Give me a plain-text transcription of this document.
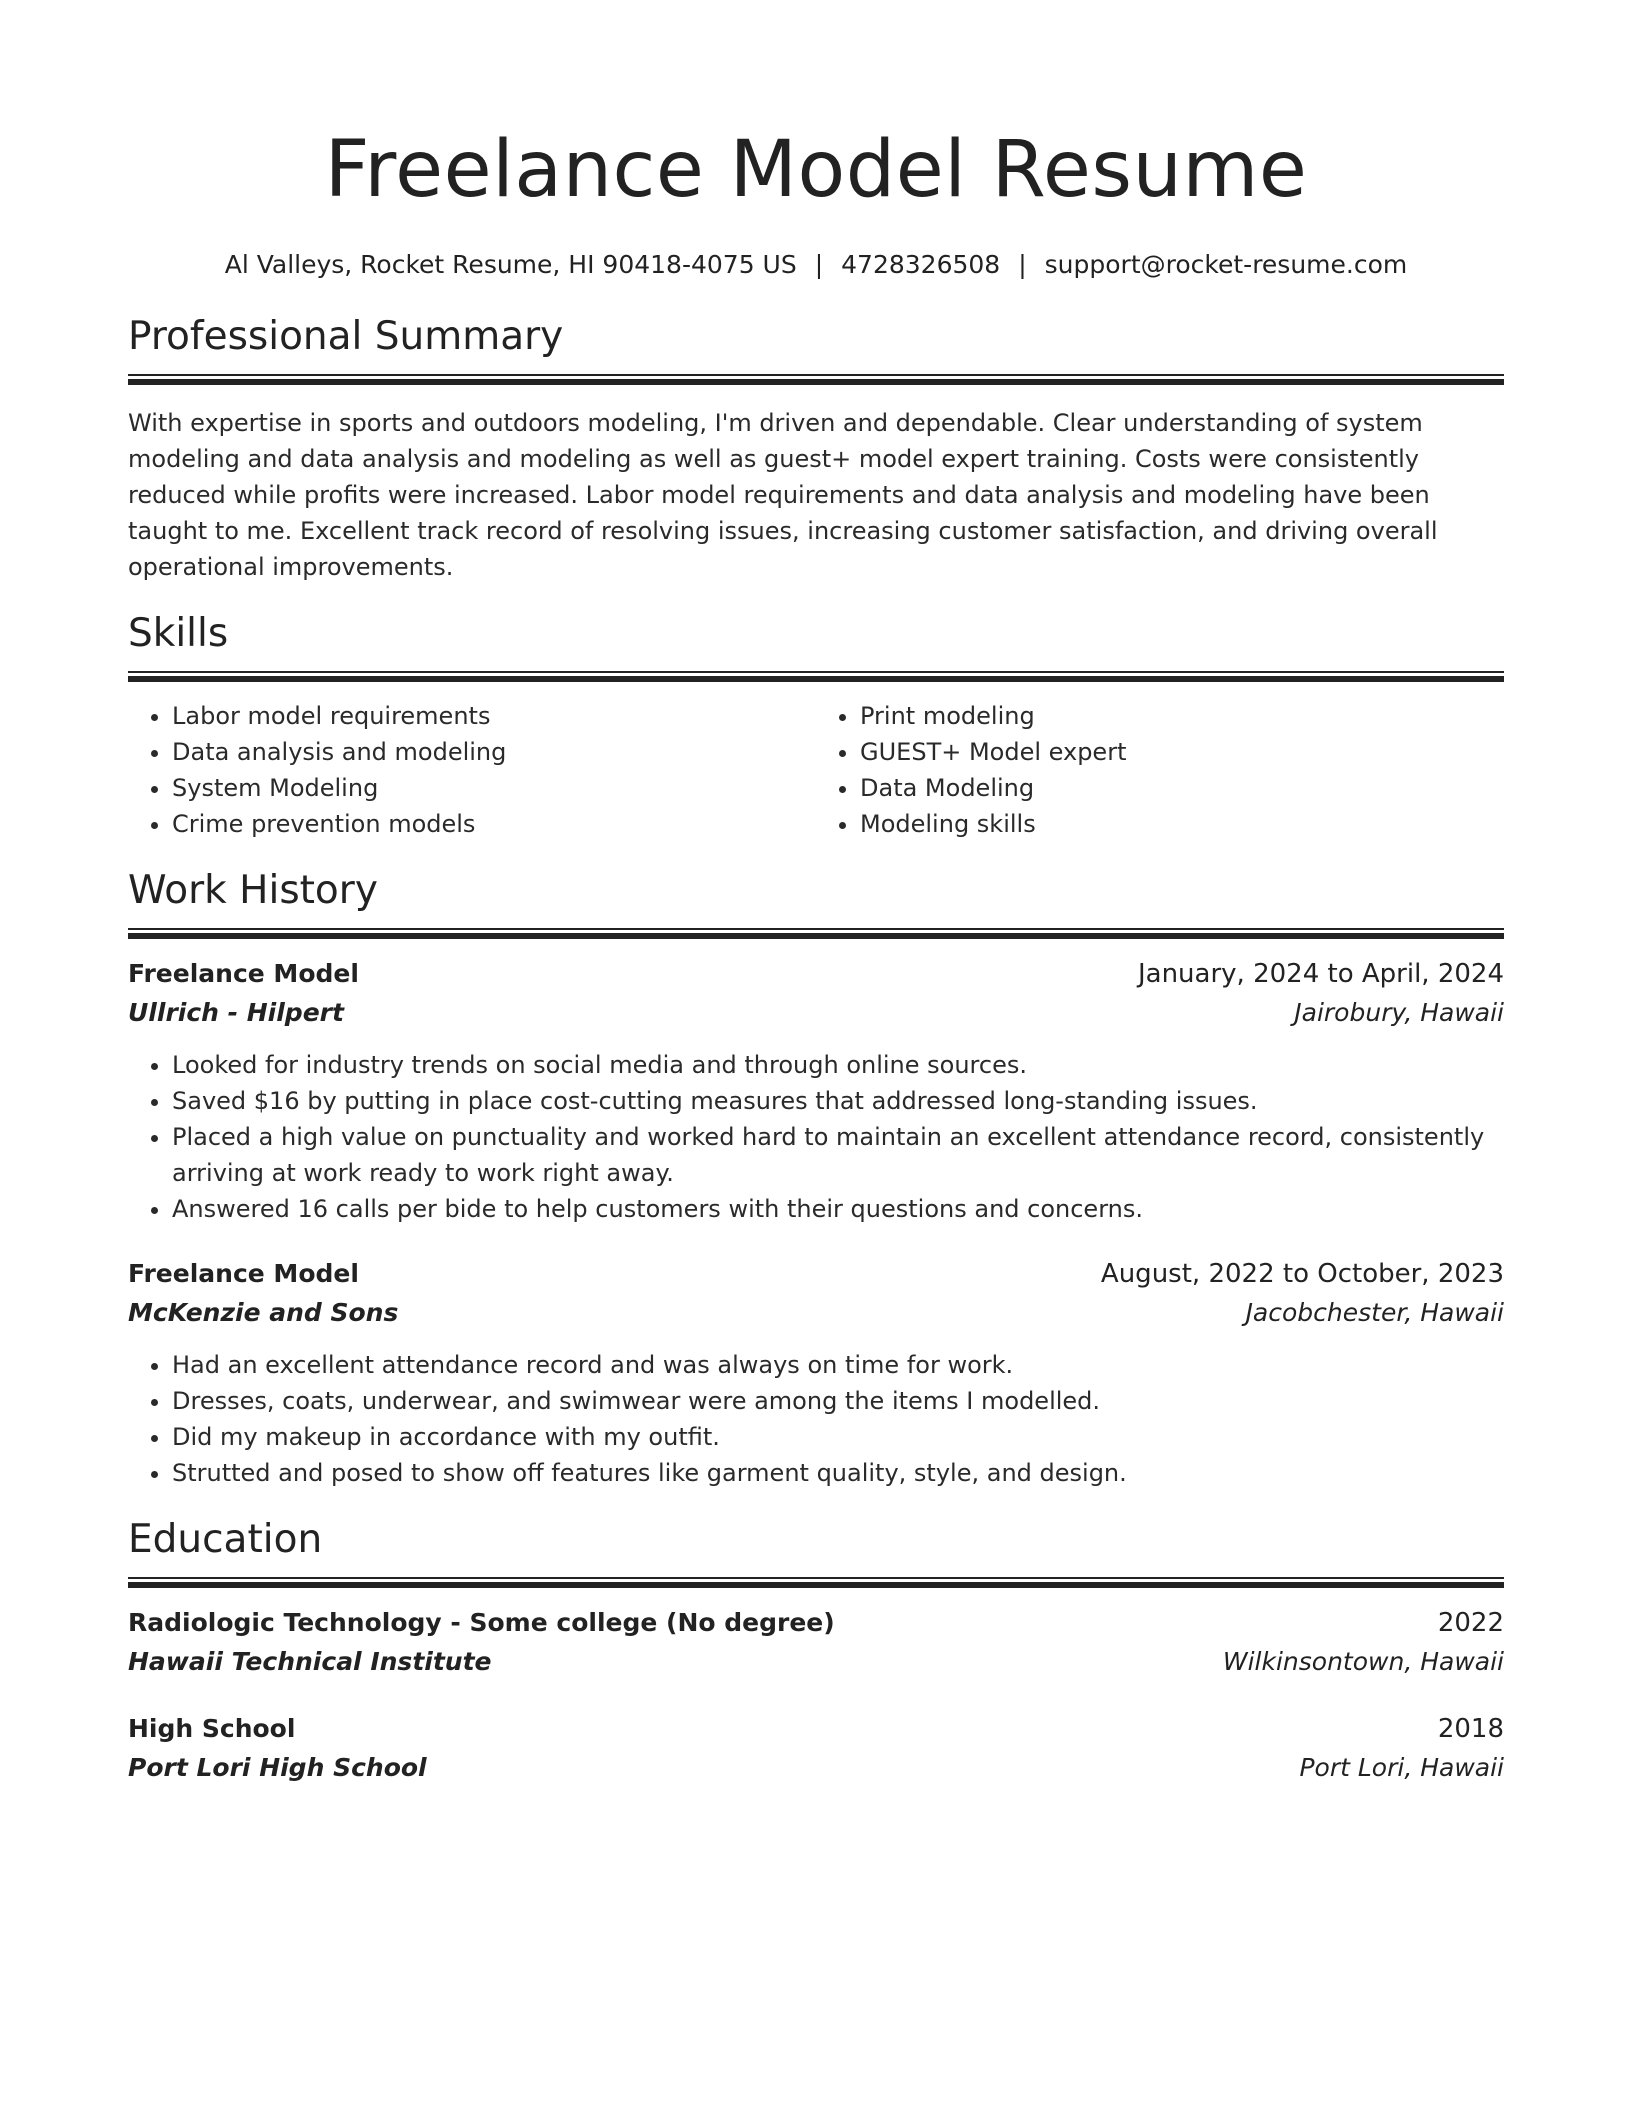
Freelance Model Resume
Al Valleys, Rocket Resume, HI 90418-4075 US | 4728326508 | support@rocket-resume.com
Professional Summary

With expertise in sports and outdoors modeling, I'm driven and dependable. Clear understanding of system modeling and data analysis and modeling as well as guest+ model expert training. Costs were consistently reduced while profits were increased. Labor model requirements and data analysis and modeling have been taught to me. Excellent track record of resolving issues, increasing customer satisfaction, and driving overall operational improvements.

Skills
• Labor model requirements
• Data analysis and modeling
• System Modeling
• Crime prevention models
• Print modeling
• GUEST+ Model expert
• Data Modeling
• Modeling skills
Work History
Freelance Model	January, 2024 to April, 2024
Ullrich - Hilpert	Jairobury, Hawaii
• Looked for industry trends on social media and through online sources.
• Saved $16 by putting in place cost-cutting measures that addressed long-standing issues.
• Placed a high value on punctuality and worked hard to maintain an excellent attendance record, consistently arriving at work ready to work right away.
• Answered 16 calls per bide to help customers with their questions and concerns.
Freelance Model	August, 2022 to October, 2023
McKenzie and Sons	Jacobchester, Hawaii
• Had an excellent attendance record and was always on time for work.
• Dresses, coats, underwear, and swimwear were among the items I modelled.
• Did my makeup in accordance with my outfit.
• Strutted and posed to show off features like garment quality, style, and design.
Education
Radiologic Technology - Some college (No degree)	2022
Hawaii Technical Institute	Wilkinsontown, Hawaii
High School	2018
Port Lori High School	Port Lori, Hawaii
